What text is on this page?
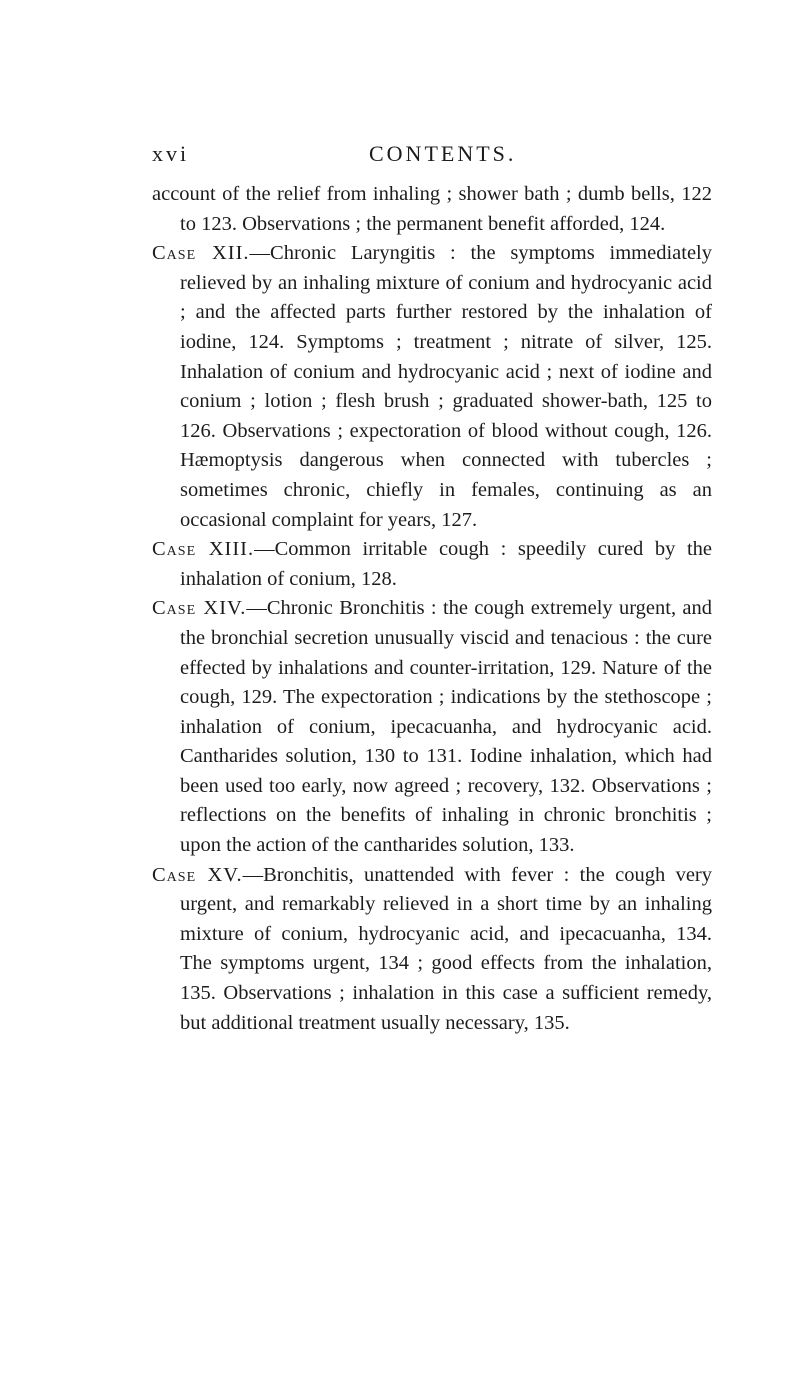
xvi	CONTENTS.

account of the relief from inhaling ; shower bath ; dumb bells, 122 to 123. Observations ; the permanent benefit afforded, 124.

Case XII.—Chronic Laryngitis : the symptoms immediately relieved by an inhaling mixture of conium and hydrocyanic acid ; and the affected parts further restored by the inhalation of iodine, 124. Symptoms ; treatment ; nitrate of silver, 125. Inhalation of conium and hydrocyanic acid ; next of iodine and conium ; lotion ; flesh brush ; graduated shower-bath, 125 to 126. Observations ; expectoration of blood without cough, 126. Hæmoptysis dangerous when connected with tubercles ; sometimes chronic, chiefly in females, continuing as an occasional complaint for years, 127.

Case XIII.—Common irritable cough : speedily cured by the inhalation of conium, 128.

Case XIV.—Chronic Bronchitis : the cough extremely urgent, and the bronchial secretion unusually viscid and tenacious : the cure effected by inhalations and counter-irritation, 129. Nature of the cough, 129. The expectoration ; indications by the stethoscope ; inhalation of conium, ipecacuanha, and hydrocyanic acid. Cantharides solution, 130 to 131. Iodine inhalation, which had been used too early, now agreed ; recovery, 132. Observations ; reflections on the benefits of inhaling in chronic bronchitis ; upon the action of the cantharides solution, 133.

Case XV.—Bronchitis, unattended with fever : the cough very urgent, and remarkably relieved in a short time by an inhaling mixture of conium, hydrocyanic acid, and ipecacuanha, 134. The symptoms urgent, 134 ; good effects from the inhalation, 135. Observations ; inhalation in this case a sufficient remedy, but additional treatment usually necessary, 135.
